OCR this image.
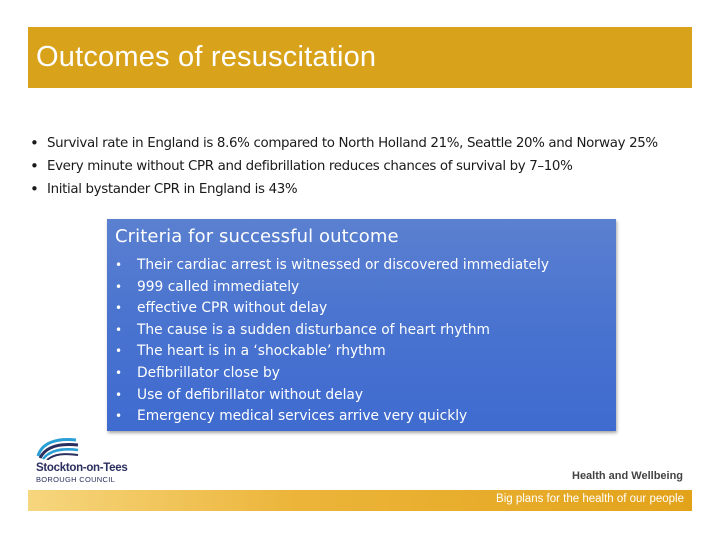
Outcomes of resuscitation
• Survival rate in England is 8.6% compared to North Holland 21%, Seattle 20% and Norway 25%
• Every minute without CPR and defibrillation reduces chances of survival by 7–10%
• Initial bystander CPR in England is 43%
Criteria for successful outcome
• Their cardiac arrest is witnessed or discovered immediately
• 999 called immediately
• effective CPR without delay
• The cause is a sudden disturbance of heart rhythm
• The heart is in a ‘shockable’ rhythm
• Defibrillator close by
• Use of defibrillator without delay
• Emergency medical services arrive very quickly
Stockton-on-Tees
BOROUGH COUNCIL	Health and Wellbeing
Big plans for the health of our people
